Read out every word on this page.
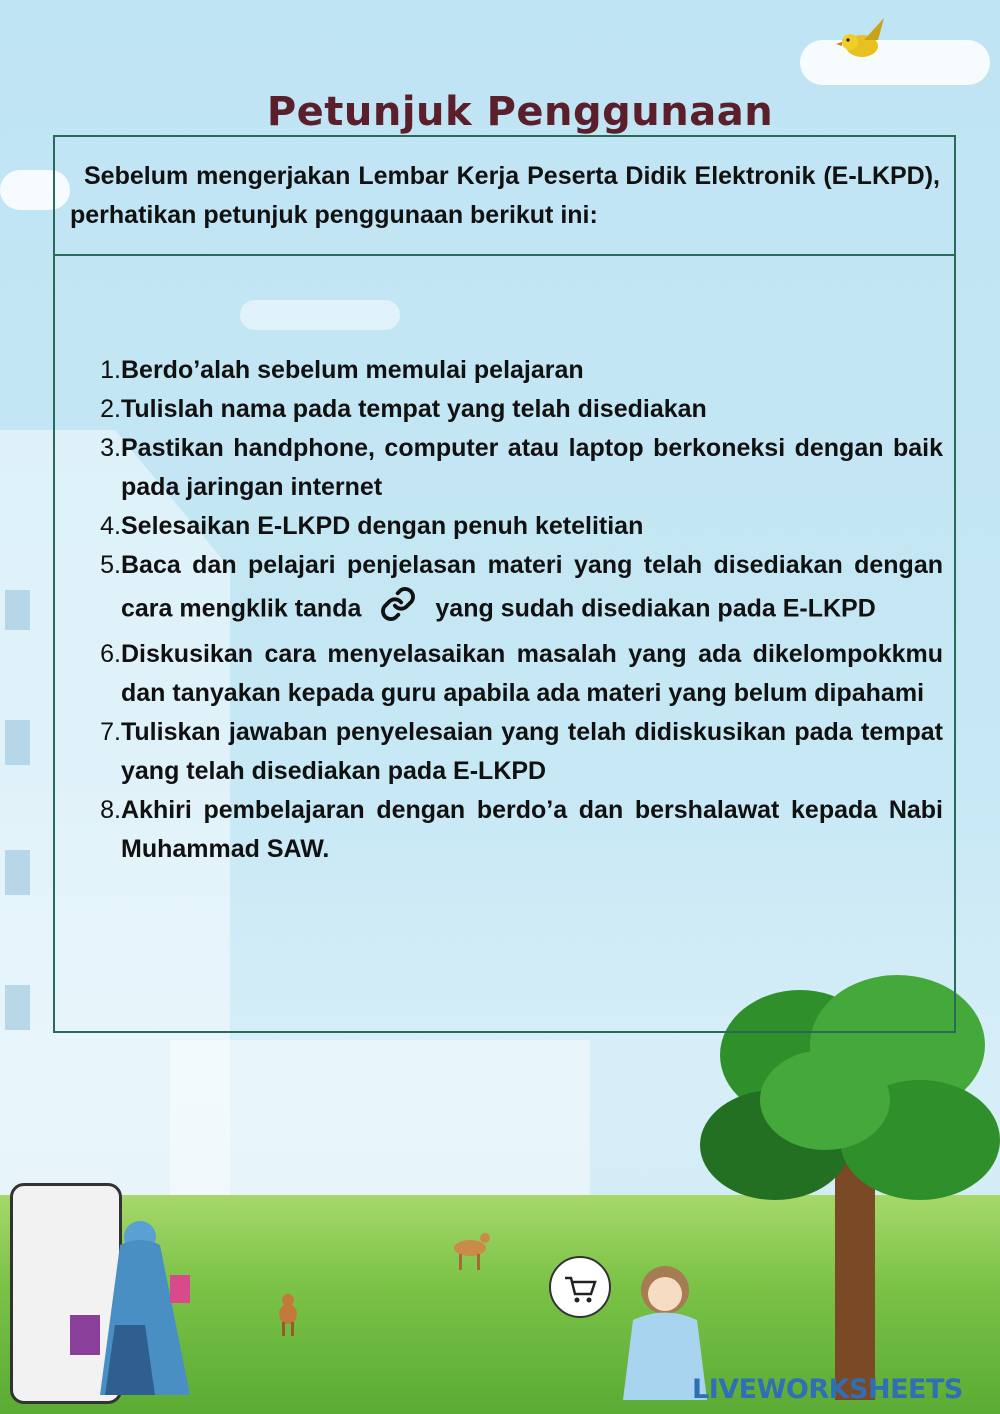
Petunjuk Penggunaan

Sebelum mengerjakan Lembar Kerja Peserta Didik Elektronik (E-LKPD), perhatikan petunjuk penggunaan berikut ini:

1. Berdo’alah sebelum memulai pelajaran
2. Tulislah nama pada tempat yang telah disediakan
3. Pastikan handphone, computer atau laptop berkoneksi dengan baik pada jaringan internet
4. Selesaikan E-LKPD dengan penuh ketelitian
5. Baca dan pelajari penjelasan materi yang telah disediakan dengan cara mengklik tanda	yang sudah disediakan pada E-LKPD
6. Diskusikan cara menyelasaikan masalah yang ada dikelompokkmu dan tanyakan kepada guru apabila ada materi yang belum dipahami
7. Tuliskan jawaban penyelesaian yang telah didiskusikan pada tempat yang telah disediakan pada E-LKPD
8. Akhiri pembelajaran dengan berdo’a dan bershalawat kepada Nabi Muhammad SAW.
LIVEWORKSHEETS
